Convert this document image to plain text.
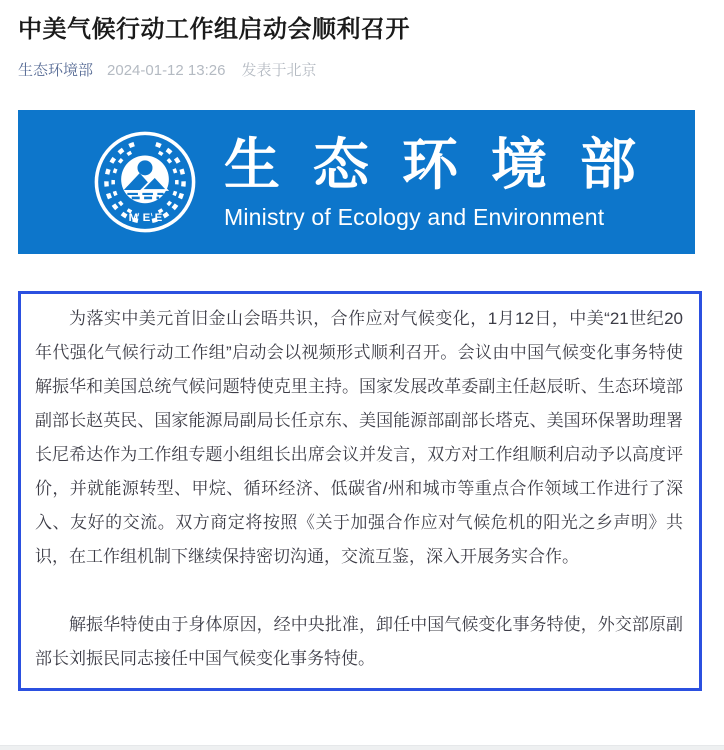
中美气候行动工作组启动会顺利召开
生态环境部 2024-01-12 13:26 发表于北京
MEE
生态环境部
Ministry of Ecology and Environment

为落实中美元首旧金山会晤共识，合作应对气候变化，1月12日，中美“21世纪20年代强化气候行动工作组”启动会以视频形式顺利召开。会议由中国气候变化事务特使解振华和美国总统气候问题特使克里主持。国家发展改革委副主任赵辰昕、生态环境部副部长赵英民、国家能源局副局长任京东、美国能源部副部长塔克、美国环保署助理署长尼希达作为工作组专题小组组长出席会议并发言，双方对工作组顺利启动予以高度评价，并就能源转型、甲烷、循环经济、低碳省/州和城市等重点合作领域工作进行了深入、友好的交流。双方商定将按照《关于加强合作应对气候危机的阳光之乡声明》共识，在工作组机制下继续保持密切沟通，交流互鉴，深入开展务实合作。

解振华特使由于身体原因，经中央批准，卸任中国气候变化事务特使，外交部原副部长刘振民同志接任中国气候变化事务特使。
